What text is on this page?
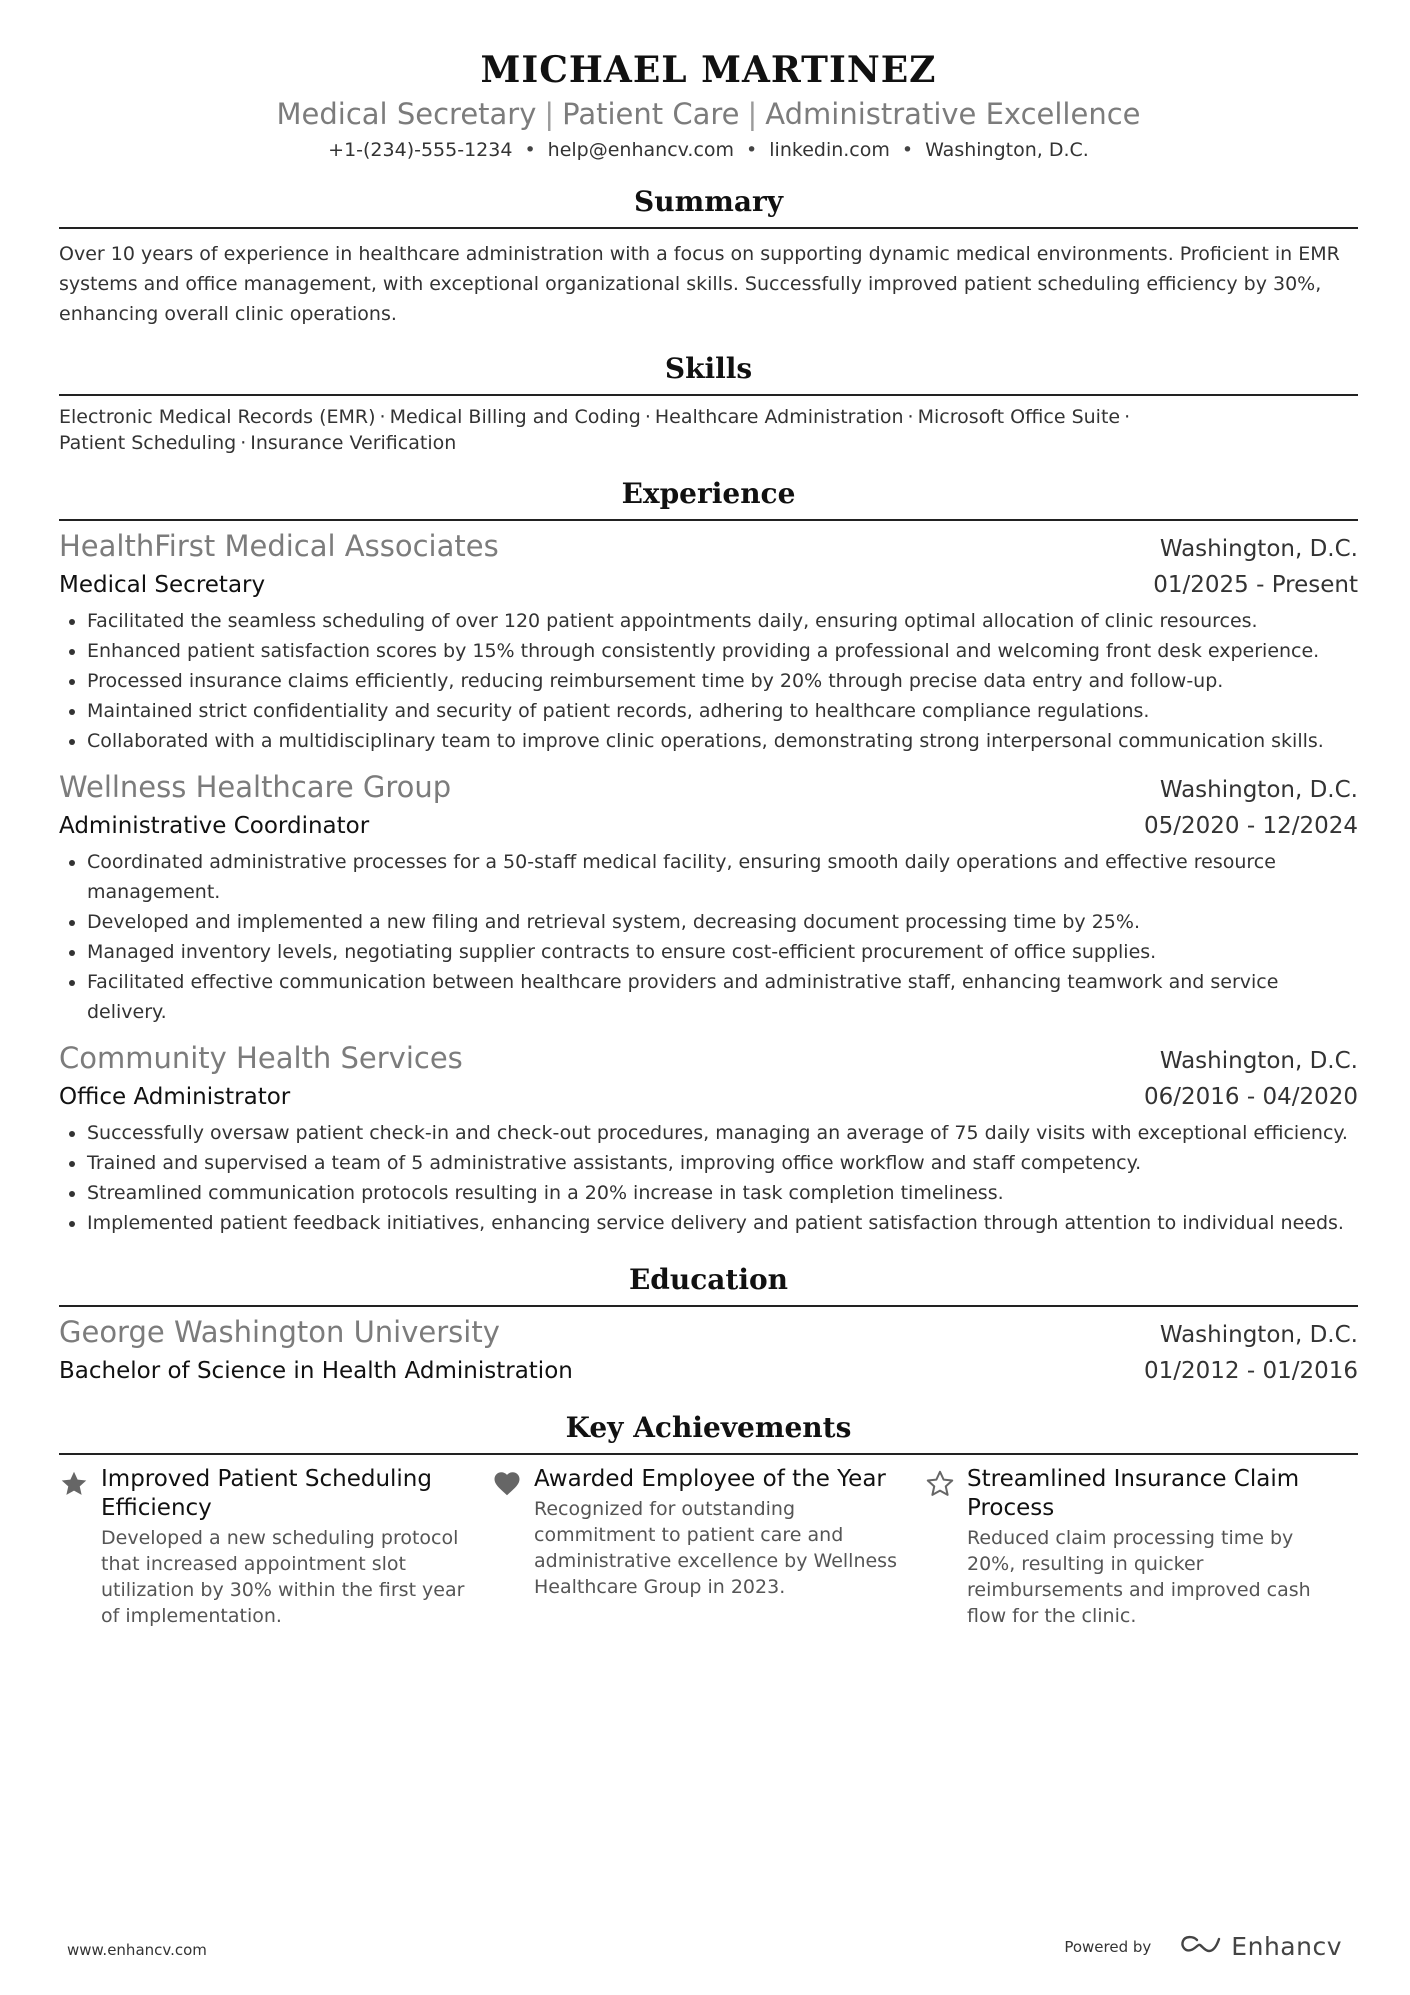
MICHAEL MARTINEZ
Medical Secretary | Patient Care | Administrative Excellence
+1-(234)-555-1234 • help@enhancv.com • linkedin.com • Washington, D.C.
Summary
Over 10 years of experience in healthcare administration with a focus on supporting dynamic medical environments. Proficient in EMR systems and office management, with exceptional organizational skills. Successfully improved patient scheduling efficiency by 30%, enhancing overall clinic operations.
Skills
Electronic Medical Records (EMR) · Medical Billing and Coding · Healthcare Administration · Microsoft Office Suite ·
Patient Scheduling · Insurance Verification
Experience
HealthFirst Medical Associates	Washington, D.C.
Medical Secretary	01/2025 - Present
• Facilitated the seamless scheduling of over 120 patient appointments daily, ensuring optimal allocation of clinic resources.
• Enhanced patient satisfaction scores by 15% through consistently providing a professional and welcoming front desk experience.
• Processed insurance claims efficiently, reducing reimbursement time by 20% through precise data entry and follow-up.
• Maintained strict confidentiality and security of patient records, adhering to healthcare compliance regulations.
• Collaborated with a multidisciplinary team to improve clinic operations, demonstrating strong interpersonal communication skills.
Wellness Healthcare Group	Washington, D.C.
Administrative Coordinator	05/2020 - 12/2024
• Coordinated administrative processes for a 50-staff medical facility, ensuring smooth daily operations and effective resource management.
• Developed and implemented a new filing and retrieval system, decreasing document processing time by 25%.
• Managed inventory levels, negotiating supplier contracts to ensure cost-efficient procurement of office supplies.
• Facilitated effective communication between healthcare providers and administrative staff, enhancing teamwork and service delivery.
Community Health Services	Washington, D.C.
Office Administrator	06/2016 - 04/2020
• Successfully oversaw patient check-in and check-out procedures, managing an average of 75 daily visits with exceptional efficiency.
• Trained and supervised a team of 5 administrative assistants, improving office workflow and staff competency.
• Streamlined communication protocols resulting in a 20% increase in task completion timeliness.
• Implemented patient feedback initiatives, enhancing service delivery and patient satisfaction through attention to individual needs.
Education
George Washington University	Washington, D.C.
Bachelor of Science in Health Administration	01/2012 - 01/2016
Key Achievements
Improved Patient Scheduling Efficiency
Developed a new scheduling protocol that increased appointment slot utilization by 30% within the first year of implementation.
Awarded Employee of the Year
Recognized for outstanding commitment to patient care and administrative excellence by Wellness Healthcare Group in 2023.
Streamlined Insurance Claim Process
Reduced claim processing time by 20%, resulting in quicker reimbursements and improved cash flow for the clinic.
www.enhancv.com	Powered by	Enhancv
